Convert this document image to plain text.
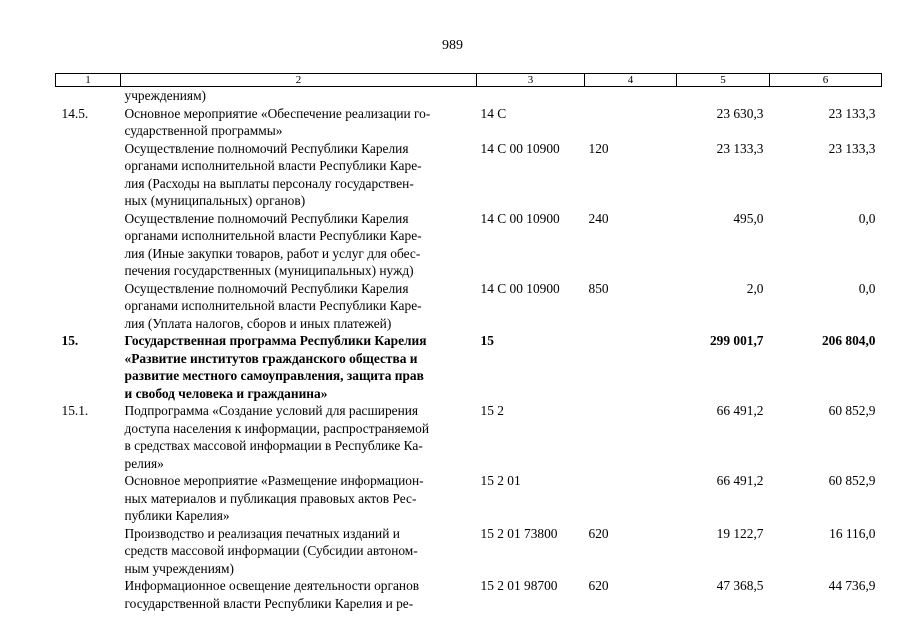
989
1	2	3	4	5	6

	учреждениям)				

14.5.	Основное мероприятие «Обеспечение реализации го-
сударственной программы»	14 С		23 630,3	23 133,3

	Осуществление полномочий Республики Карелия
органами исполнительной власти Республики Каре-
лия (Расходы на выплаты персоналу государствен-
ных (муниципальных) органов)	14 С 00 10900	120	23 133,3	23 133,3

	Осуществление полномочий Республики Карелия
органами исполнительной власти Республики Каре-
лия (Иные закупки товаров, работ и услуг для обес-
печения государственных (муниципальных) нужд)	14 С 00 10900	240	495,0	0,0

	Осуществление полномочий Республики Карелия
органами исполнительной власти Республики Каре-
лия (Уплата налогов, сборов и иных платежей)	14 С 00 10900	850	2,0	0,0
15.	Государственная программа Республики Карелия
«Развитие институтов гражданского общества и
развитие местного самоуправления, защита прав
и свобод человека и гражданина»	15		299 001,7	206 804,0
15.1.	Подпрограмма «Создание условий для расширения
доступа населения к информации, распространяемой
в средствах массовой информации в Республике Ка-
релия»	15 2		66 491,2	60 852,9

	Основное мероприятие «Размещение информацион-
ных материалов и публикация правовых актов Рес-
публики Карелия»	15 2 01		66 491,2	60 852,9

	Производство и реализация печатных изданий и
средств массовой информации (Субсидии автоном-
ным учреждениям)	15 2 01 73800	620	19 122,7	16 116,0

	Информационное освещение деятельности органов
государственной власти Республики Карелия и ре-	15 2 01 98700	620	47 368,5	44 736,9
